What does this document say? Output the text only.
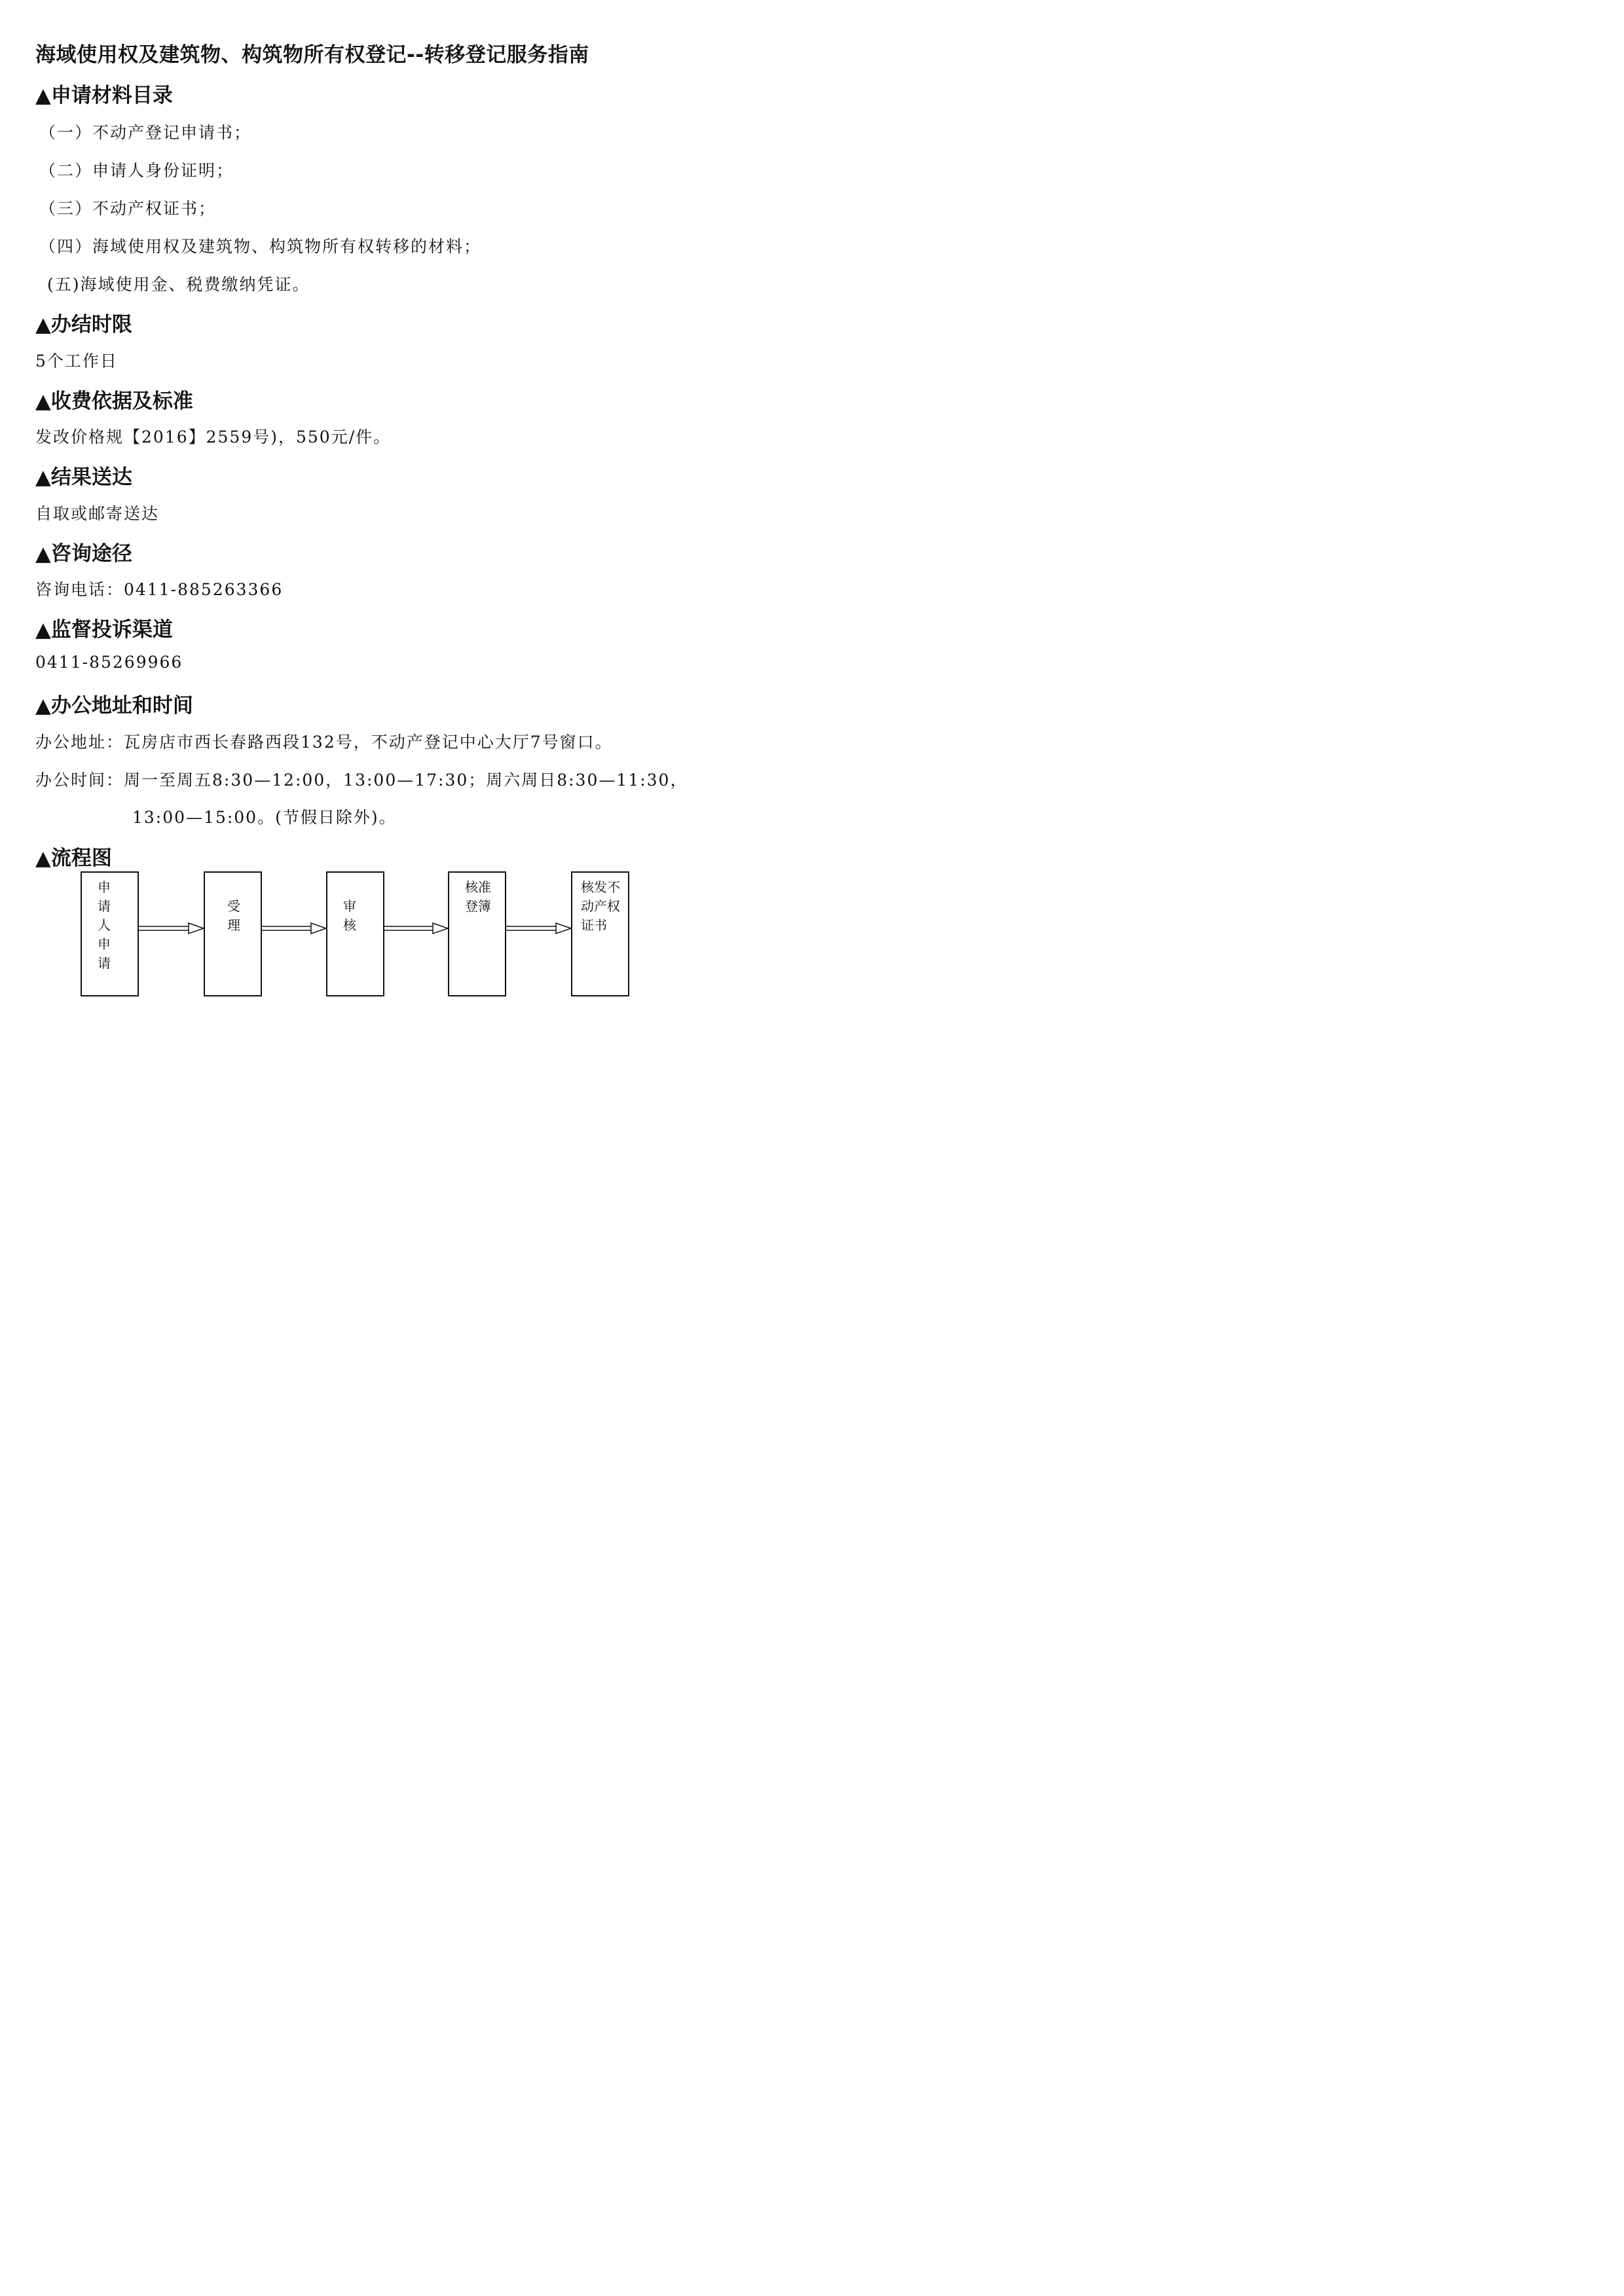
海域使用权及建筑物、构筑物所有权登记--转移登记服务指南
▲申请材料目录
（一）不动产登记申请书；
（二）申请人身份证明；
（三）不动产权证书；
（四）海域使用权及建筑物、构筑物所有权转移的材料；
(五)海域使用金、税费缴纳凭证。
▲办结时限
5个工作日
▲收费依据及标准
发改价格规【2016】2559号)，550元/件。
▲结果送达
自取或邮寄送达
▲咨询途径
咨询电话：0411-885263366
▲监督投诉渠道
0411-85269966
▲办公地址和时间
办公地址：瓦房店市西长春路西段132号，不动产登记中心大厅7号窗口。
办公时间：周一至周五8:30—12:00，13:00—17:30；周六周日8:30—11:30，
13:00—15:00。(节假日除外)。
▲流程图
申
请
人
申
请
受
理
审
核
核准
登簿
核发不
动产权
证书
